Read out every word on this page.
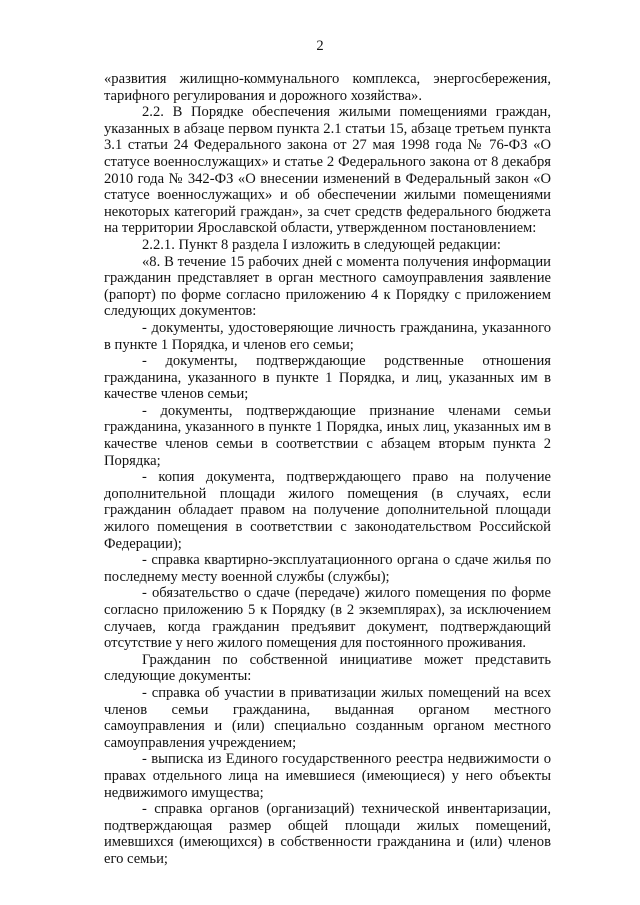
2

«развития жилищно-коммунального комплекса, энергосбережения, тарифного регулирования и дорожного хозяйства».

2.2. В Порядке обеспечения жилыми помещениями граждан, указанных в абзаце первом пункта 2.1 статьи 15, абзаце третьем пункта 3.1 статьи 24 Федерального закона от 27 мая 1998 года № 76-ФЗ «О статусе военнослужащих» и статье 2 Федерального закона от 8 декабря 2010 года № 342-ФЗ «О внесении изменений в Федеральный закон «О статусе военнослужащих» и об обеспечении жилыми помещениями некоторых категорий граждан», за счет средств федерального бюджета на территории Ярославской области, утвержденном постановлением:

2.2.1. Пункт 8 раздела I изложить в следующей редакции:

«8. В течение 15 рабочих дней с момента получения информации гражданин представляет в орган местного самоуправления заявление (рапорт) по форме согласно приложению 4 к Порядку с приложением следующих документов:

- документы, удостоверяющие личность гражданина, указанного в пункте 1 Порядка, и членов его семьи;

- документы, подтверждающие родственные отношения гражданина, указанного в пункте 1 Порядка, и лиц, указанных им в качестве членов семьи;

- документы, подтверждающие признание членами семьи гражданина, указанного в пункте 1 Порядка, иных лиц, указанных им в качестве членов семьи в соответствии с абзацем вторым пункта 2 Порядка;

- копия документа, подтверждающего право на получение дополнительной площади жилого помещения (в случаях, если гражданин обладает правом на получение дополнительной площади жилого помещения в соответствии с законодательством Российской Федерации);

- справка квартирно-эксплуатационного органа о сдаче жилья по последнему месту военной службы (службы);

- обязательство о сдаче (передаче) жилого помещения по форме согласно приложению 5 к Порядку (в 2 экземплярах), за исключением случаев, когда гражданин предъявит документ, подтверждающий отсутствие у него жилого помещения для постоянного проживания.

Гражданин по собственной инициативе может представить следующие документы:

- справка об участии в приватизации жилых помещений на всех членов семьи гражданина, выданная органом местного самоуправления и (или) специально созданным органом местного самоуправления учреждением;

- выписка из Единого государственного реестра недвижимости о правах отдельного лица на имевшиеся (имеющиеся) у него объекты недвижимого имущества;

- справка органов (организаций) технической инвентаризации, подтверждающая размер общей площади жилых помещений, имевшихся (имеющихся) в собственности гражданина и (или) членов его семьи;
